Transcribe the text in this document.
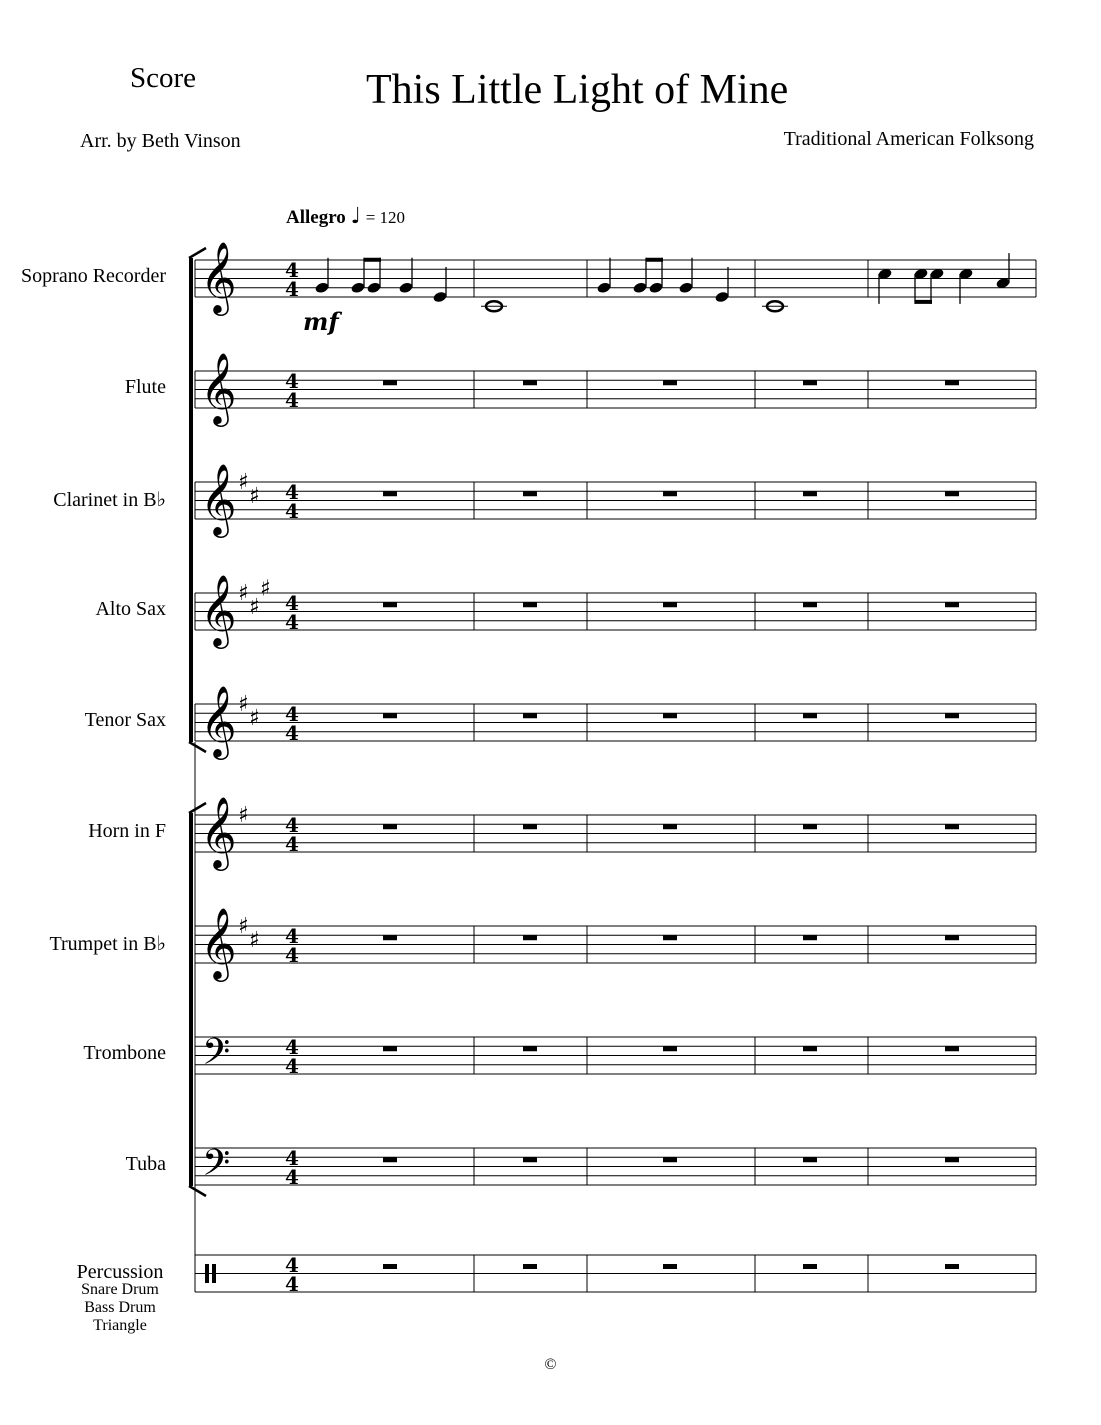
Score	This Little Light of Mine
Arr. by Beth Vinson	Traditional American Folksong
Allegro ♩ = 120
Soprano Recorder
Flute
Clarinet in B♭
Alto Sax
Tenor Sax
Horn in F
Trumpet in B♭
Trombone
Tuba
Percussion
Snare Drum
Bass Drum
Triangle
©
𝄞 4
4
𝄞 4
4
𝄞 ♯
♯ 4
4
𝄞 ♯
♯
♯
4
4
𝄞 ♯
♯ 4
4
𝄞 ♯ 4
4
𝄞 ♯
♯ 4
4
𝄢	4
4
𝄢	4
4
4
4
mf
